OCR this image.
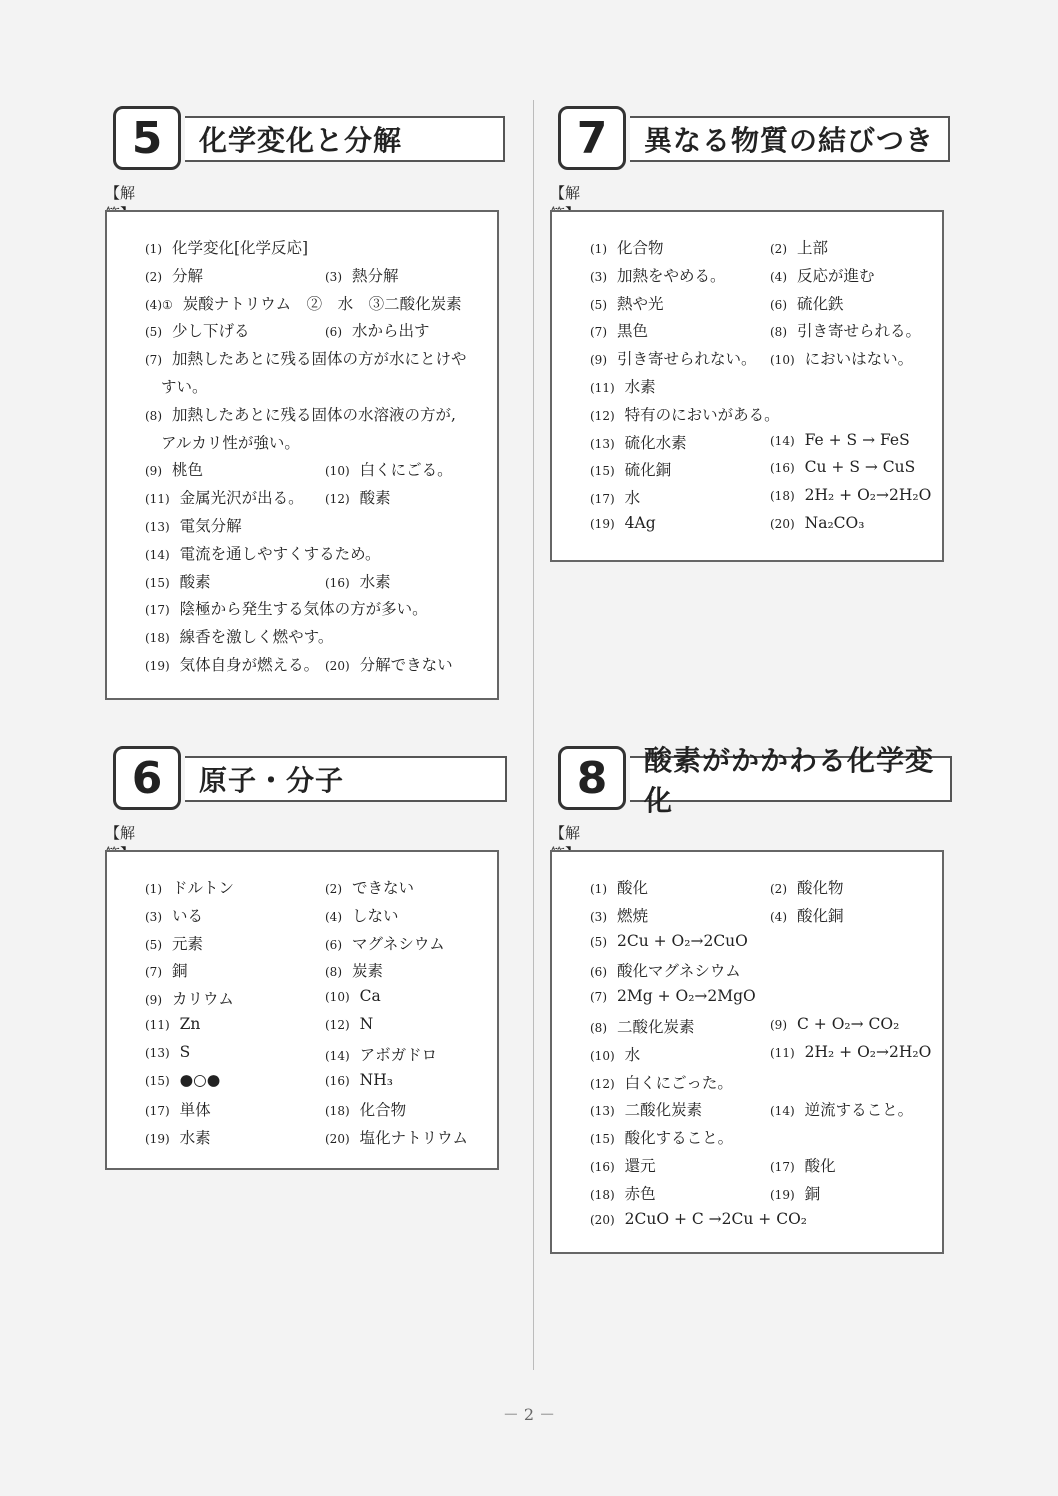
5	化学変化と分解
【解
(1) 化学変化[化学反応]
(2) 分解	(3) 熱分解
(4)① 炭酸ナトリウム　②　水　③二酸化炭素
(5) 少し下げる	(6) 水から出す
(7) 加熱したあとに残る固体の方が水にとけや
すい。
(8) 加熱したあとに残る固体の水溶液の方が,
アルカリ性が強い。
(9) 桃色	(10) 白くにごる。
(11) 金属光沢が出る。 (12) 酸素
(13) 電気分解
(14) 電流を通しやすくするため。
(15) 酸素	(16) 水素
(17) 陰極から発生する気体の方が多い。
(18) 線香を激しく燃やす。
(19) 気体自身が燃える。 (20) 分解できない
7	異なる物質の結びつき
【解
(1) 化合物	(2) 上部
(3) 加熱をやめる。	(4) 反応が進む
(5) 熱や光	(6) 硫化鉄
(7) 黒色	(8) 引き寄せられる。
(9) 引き寄せられない。 (10) においはない。
(11) 水素
(12) 特有のにおいがある。
(13) 硫化水素	(14) Fe + S → FeS
(15) 硫化銅	(16) Cu + S → CuS
(17) 水	(18) 2H₂ + O₂→2H₂O
(19) 4Ag	(20) Na₂CO₃
6	原子・分子
【解
(1) ドルトン	(2) できない
(3) いる	(4) しない
(5) 元素	(6) マグネシウム
(7) 銅	(8) 炭素
(9) カリウム	(10) Ca
(11) Zn	(12) N
(13) S	(14) アボガドロ
(15) ●○●	(16) NH₃
(17) 単体	(18) 化合物
(19) 水素	(20) 塩化ナトリウム
8	酸素がかかわる化学変化
【解
(1) 酸化	(2) 酸化物
(3) 燃焼	(4) 酸化銅
(5) 2Cu + O₂→2CuO
(6) 酸化マグネシウム
(7) 2Mg + O₂→2MgO
(8) 二酸化炭素	(9) C + O₂→ CO₂
(10) 水	(11) 2H₂ + O₂→2H₂O
(12) 白くにごった。
(13) 二酸化炭素	(14) 逆流すること。
(15) 酸化すること。
(16) 還元	(17) 酸化
(18) 赤色	(19) 銅
(20) 2CuO + C →2Cu + CO₂
－ 2 －
